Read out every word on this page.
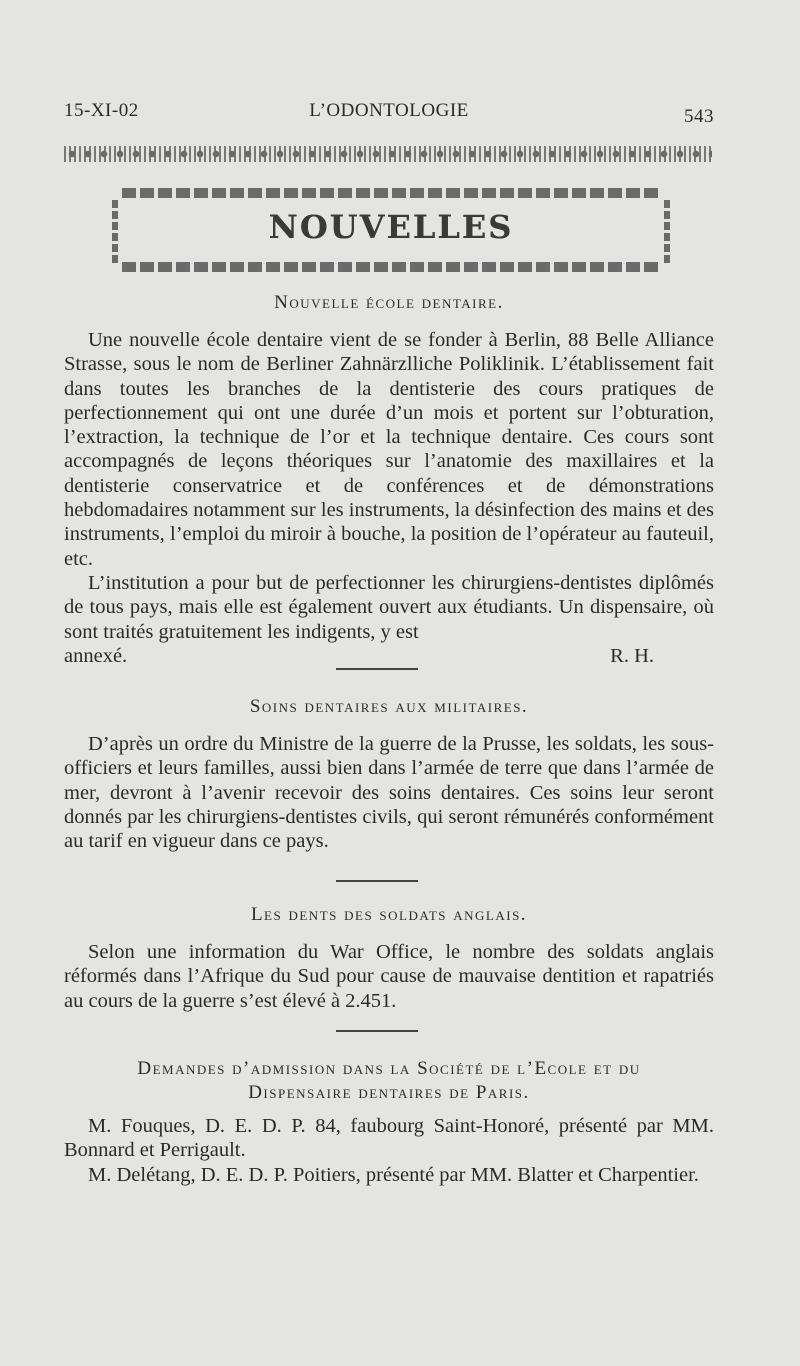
15-XI-02	L’ODONTOLOGIE	543
NOUVELLES
Nouvelle école dentaire.

Une nouvelle école dentaire vient de se fonder à Berlin, 88 Belle Alliance Strasse, sous le nom de Berliner Zahnärzlliche Poliklinik. L’établissement fait dans toutes les branches de la dentisterie des cours pratiques de perfectionnement qui ont une durée d’un mois et portent sur l’obturation, l’extraction, la technique de l’or et la technique dentaire. Ces cours sont accompagnés de leçons théoriques sur l’anatomie des maxillaires et la dentisterie conservatrice et de conférences et de démonstrations hebdomadaires notamment sur les instruments, la désinfection des mains et des instruments, l’emploi du miroir à bouche, la position de l’opérateur au fauteuil, etc.

L’institution a pour but de perfectionner les chirurgiens-dentistes diplômés de tous pays, mais elle est également ouvert aux étudiants. Un dispensaire, où sont traités gratuitement les indigents, y est

annexé.	R. H.

Soins dentaires aux militaires.

D’après un ordre du Ministre de la guerre de la Prusse, les soldats, les sous-officiers et leurs familles, aussi bien dans l’armée de terre que dans l’armée de mer, devront à l’avenir recevoir des soins dentaires. Ces soins leur seront donnés par les chirurgiens-dentistes civils, qui seront rémunérés conformément au tarif en vigueur dans ce pays.

Les dents des soldats anglais.

Selon une information du War Office, le nombre des soldats anglais réformés dans l’Afrique du Sud pour cause de mauvaise dentition et rapatriés au cours de la guerre s’est élevé à 2.451.

Demandes d’admission dans la Société de l’Ecole et du
Dispensaire dentaires de Paris.

M. Fouques, D. E. D. P. 84, faubourg Saint-Honoré, présenté par MM. Bonnard et Perrigault.

M. Delétang, D. E. D. P. Poitiers, présenté par MM. Blatter et Charpentier.
